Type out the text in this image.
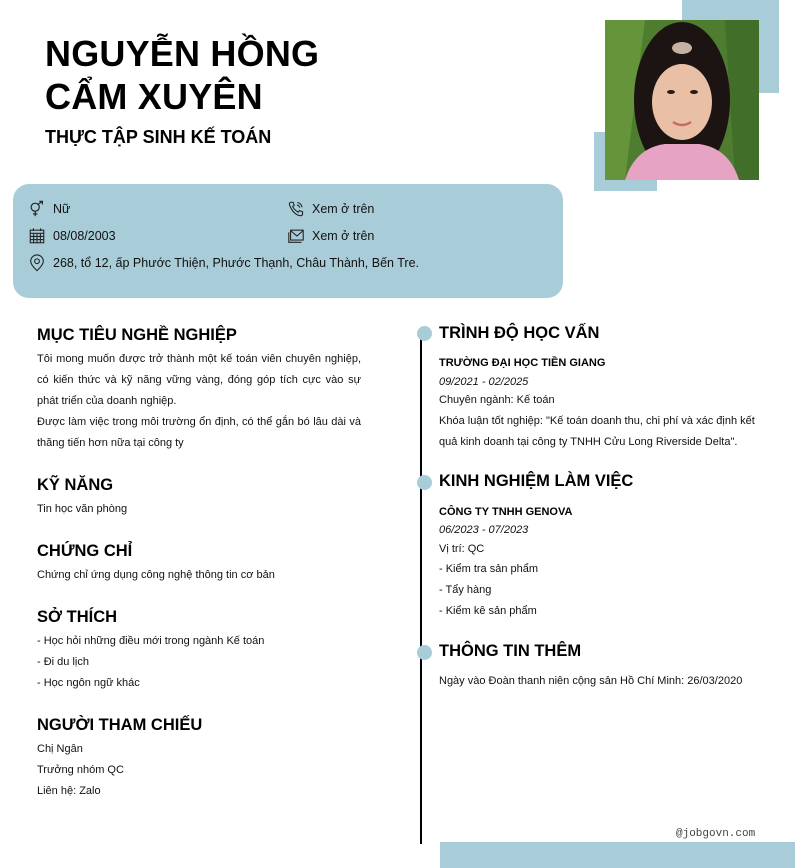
NGUYỄN HỒNG
CẨM XUYÊN
THỰC TẬP SINH KẾ TOÁN
Nữ	Xem ở trên
08/08/2003	Xem ở trên
268, tổ 12, ấp Phước Thiện, Phước Thạnh, Châu Thành, Bến Tre.
MỤC TIÊU NGHỀ NGHIỆP
Tôi mong muốn được trở thành một kế toán viên chuyên nghiệp, có kiến thức và kỹ năng vững vàng, đóng góp tích cực vào sự phát triển của doanh nghiệp.
Được làm việc trong môi trường ổn định, có thể gắn bó lâu dài và thăng tiến hơn nữa tại công ty
KỸ NĂNG
Tin học văn phòng
CHỨNG CHỈ
Chứng chỉ ứng dụng công nghệ thông tin cơ bản
SỞ THÍCH
- Học hỏi những điều mới trong ngành Kế toán
- Đi du lịch
- Học ngôn ngữ khác
NGƯỜI THAM CHIẾU
Chị Ngân
Trưởng nhóm QC
Liên hệ: Zalo
TRÌNH ĐỘ HỌC VẤN
TRƯỜNG ĐẠI HỌC TIỀN GIANG
09/2021 - 02/2025
Chuyên ngành: Kế toán
Khóa luận tốt nghiệp: "Kế toán doanh thu, chi phí và xác định kết
quả kinh doanh tại công ty TNHH Cửu Long Riverside Delta".
KINH NGHIỆM LÀM VIỆC
CÔNG TY TNHH GENOVA
06/2023 - 07/2023
Vị trí: QC
- Kiểm tra sản phẩm
- Tẩy hàng
- Kiểm kê sản phẩm
THÔNG TIN THÊM
Ngày vào Đoàn thanh niên cộng sản Hồ Chí Minh: 26/03/2020
@jobgovn.com
